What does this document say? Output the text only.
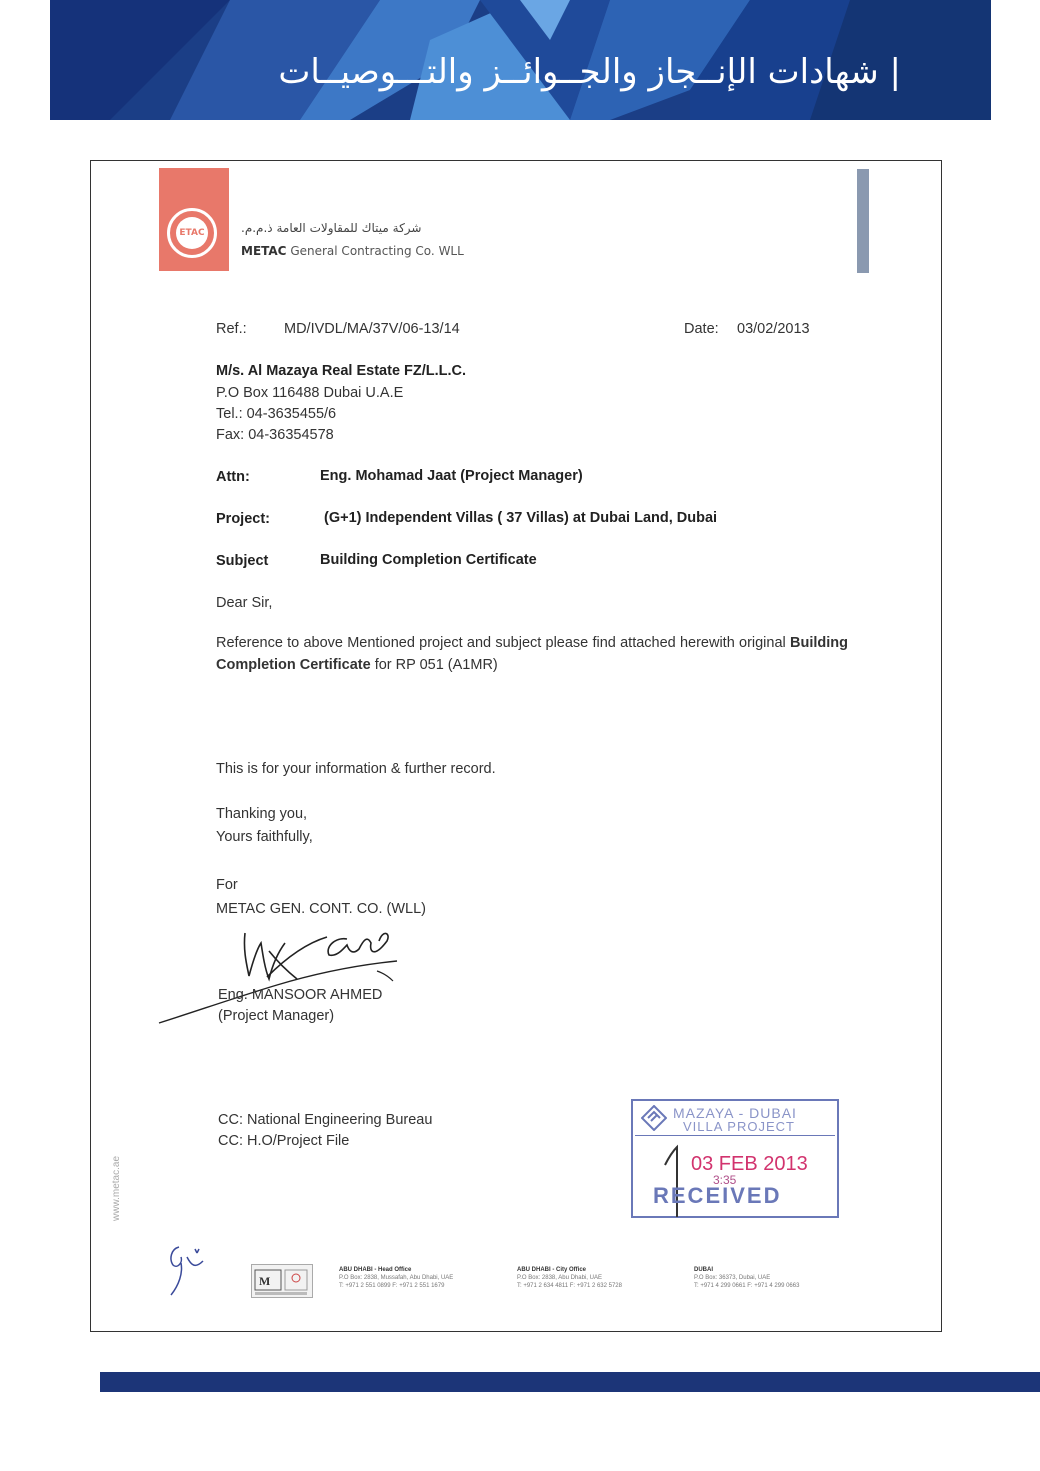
| شهادات الإنــجاز والجــوائــز والتـــوصيــات
ETAC	شركة ميتاك للمقاولات العامة ذ.م.م.
METAC General Contracting Co. WLL
Ref.:	MD/IVDL/MA/37V/06-13/14	Date: 03/02/2013
M/s. Al Mazaya Real Estate FZ/L.L.C.
P.O Box 116488 Dubai U.A.E
Tel.: 04-3635455/6
Fax: 04-36354578
Attn:	Eng. Mohamad Jaat (Project Manager)
Project:	(G+1) Independent Villas ( 37 Villas) at Dubai Land, Dubai
Subject	Building Completion Certificate
Dear Sir,
Reference to above Mentioned project and subject please find attached herewith original Building Completion Certificate for RP 051 (A1MR)
This is for your information & further record.
Thanking you,
Yours faithfully,
For
METAC GEN. CONT. CO. (WLL)
Eng. MANSOOR AHMED
(Project Manager)
CC: National Engineering Bureau
CC: H.O/Project File
MAZAYA - DUBAI
VILLA PROJECT
03 FEB 2013
3:35
RECEIVED
www.metac.ae
M
ABU DHABI - Head Office
P.O Box: 2838, Mussafah, Abu Dhabi, UAE
T: +971 2 551 0899 F: +971 2 551 1679
ABU DHABI - City Office
P.O Box: 2838, Abu Dhabi, UAE
T: +971 2 634 4811 F: +971 2 632 5728
DUBAI
P.O Box: 36373, Dubai, UAE
T: +971 4 299 0661 F: +971 4 299 0663
